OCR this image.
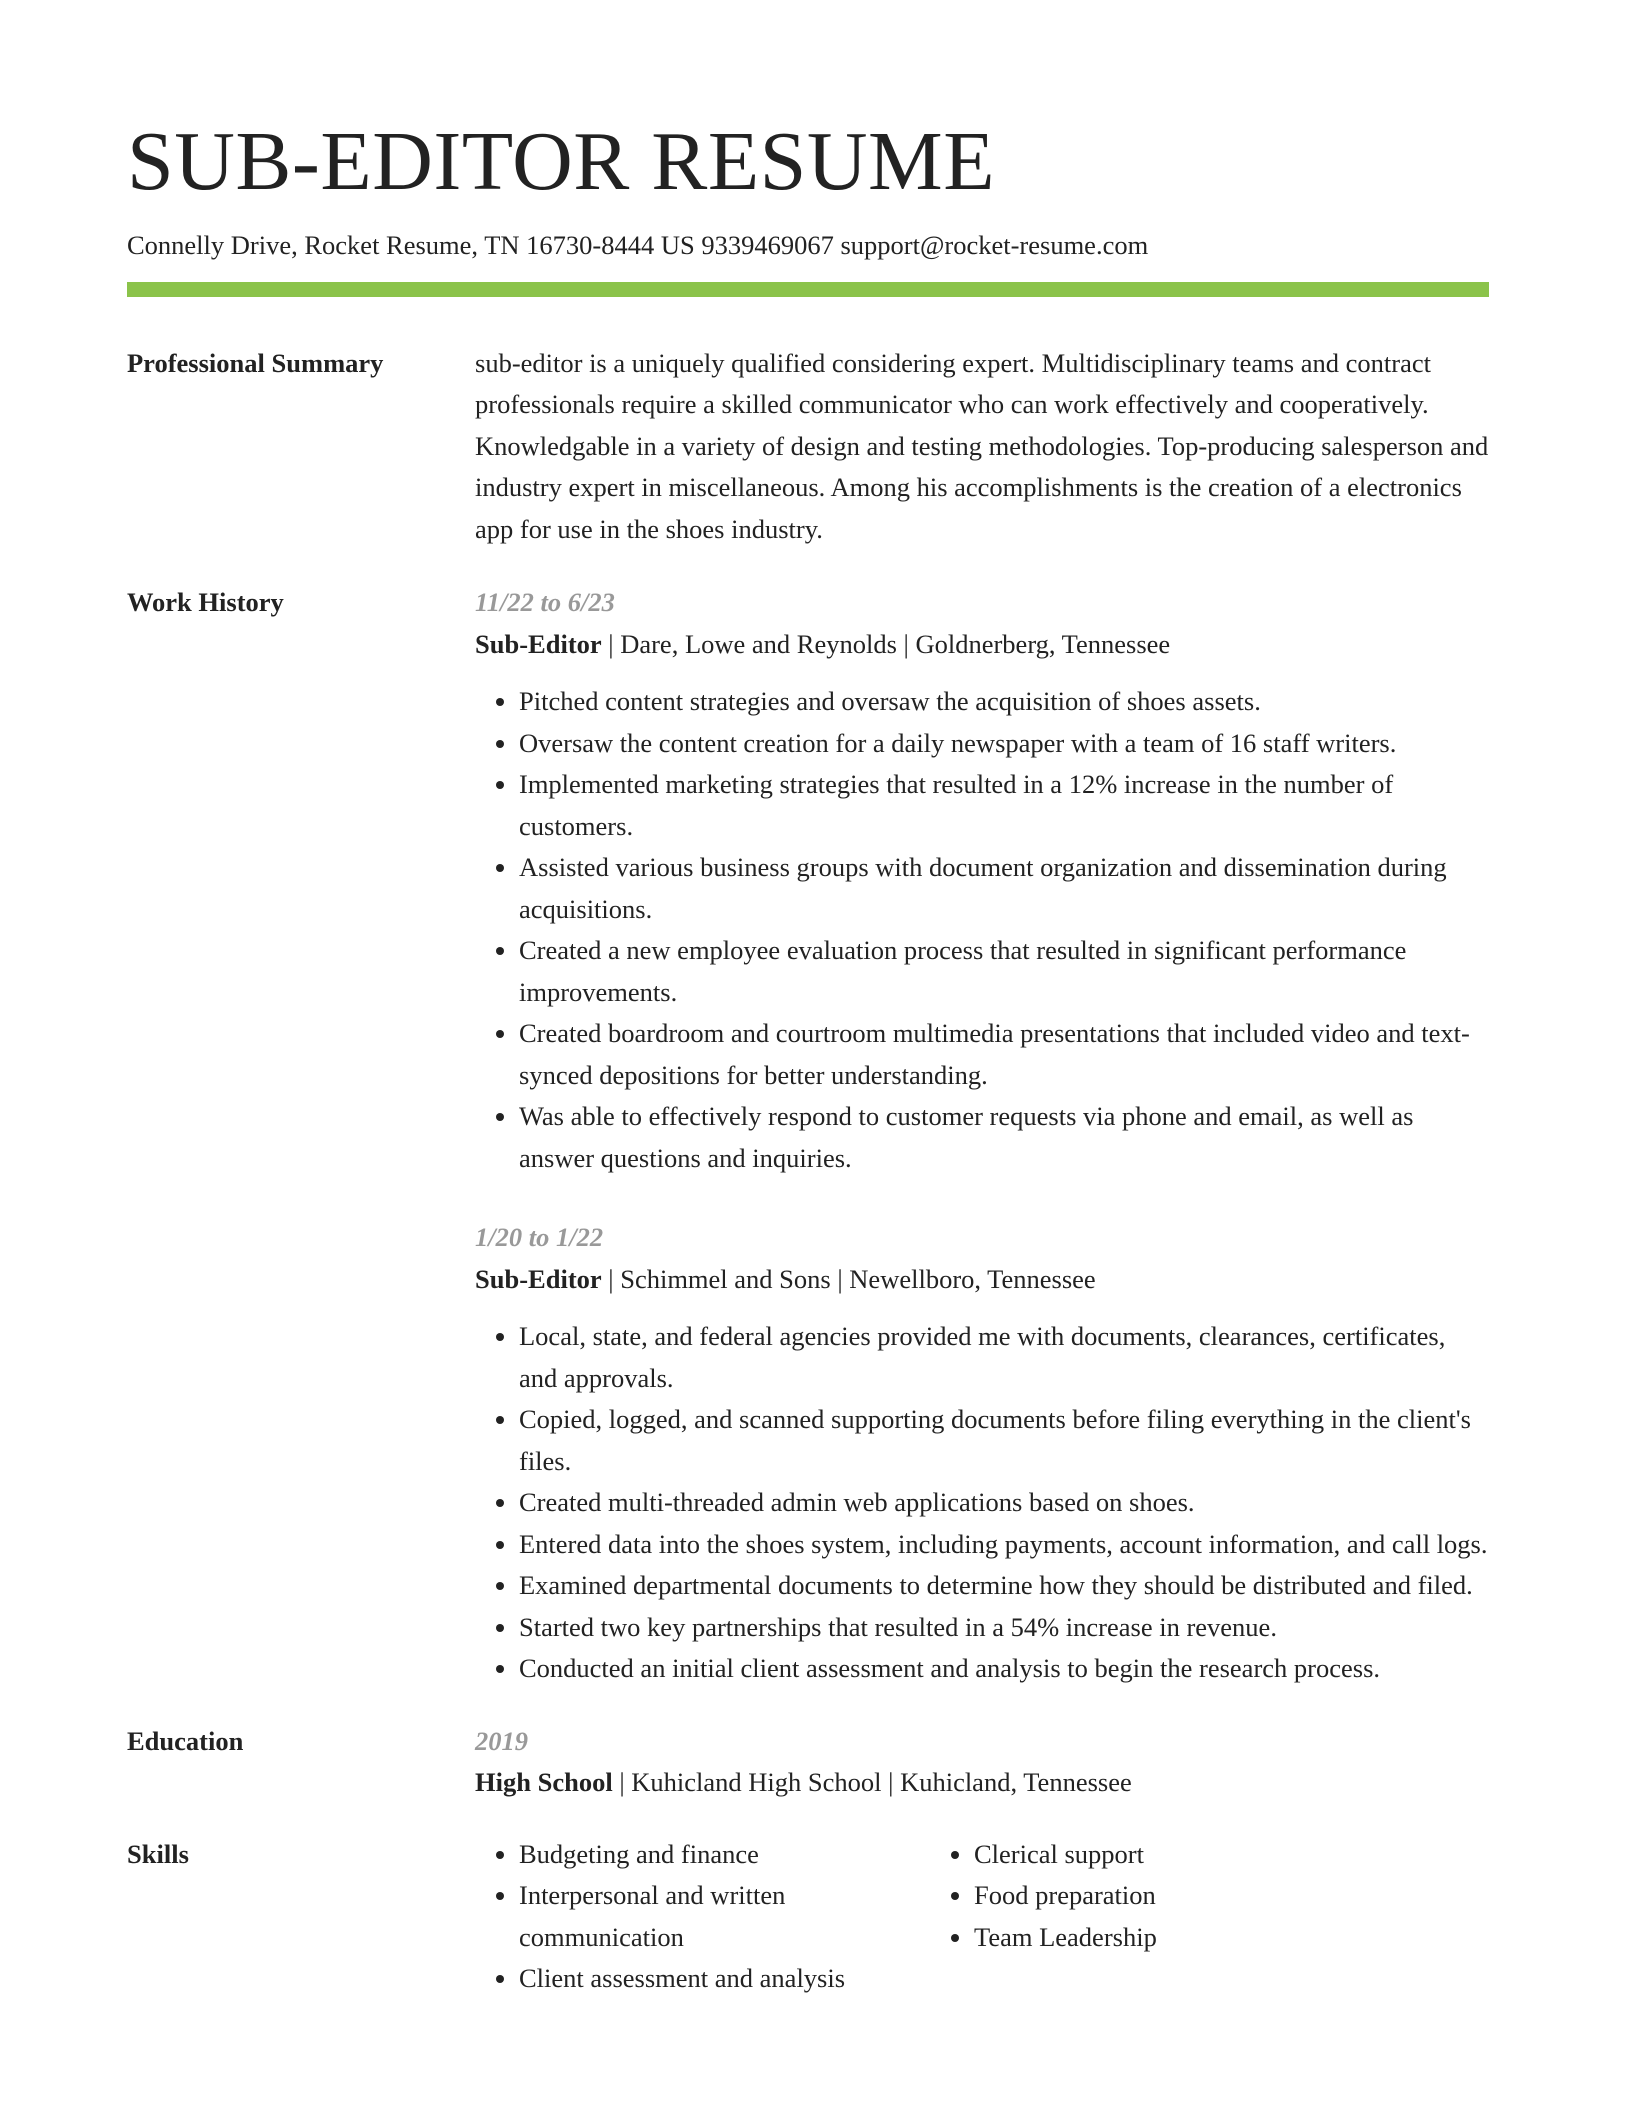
SUB-EDITOR RESUME
Connelly Drive, Rocket Resume, TN 16730-8444 US 9339469067 support@rocket-resume.com
Professional Summary	sub-editor is a uniquely qualified considering expert. Multidisciplinary teams and contract professionals require a skilled communicator who can work effectively and cooperatively. Knowledgable in a variety of design and testing methodologies. Top-producing salesperson and industry expert in miscellaneous. Among his accomplishments is the creation of a electronics app for use in the shoes industry.
Work History	11/22 to 6/23
Sub-Editor | Dare, Lowe and Reynolds | Goldnerberg, Tennessee
• Pitched content strategies and oversaw the acquisition of shoes assets.
• Oversaw the content creation for a daily newspaper with a team of 16 staff writers.
• Implemented marketing strategies that resulted in a 12% increase in the number of customers.
• Assisted various business groups with document organization and dissemination during acquisitions.
• Created a new employee evaluation process that resulted in significant performance improvements.
• Created boardroom and courtroom multimedia presentations that included video and text-synced depositions for better understanding.
• Was able to effectively respond to customer requests via phone and email, as well as answer questions and inquiries.
1/20 to 1/22
Sub-Editor | Schimmel and Sons | Newellboro, Tennessee
• Local, state, and federal agencies provided me with documents, clearances, certificates, and approvals.
• Copied, logged, and scanned supporting documents before filing everything in the client's files.
• Created multi-threaded admin web applications based on shoes.
• Entered data into the shoes system, including payments, account information, and call logs.
• Examined departmental documents to determine how they should be distributed and filed.
• Started two key partnerships that resulted in a 54% increase in revenue.
• Conducted an initial client assessment and analysis to begin the research process.
Education	2019
High School | Kuhicland High School | Kuhicland, Tennessee
Skills
•	Budgeting and finance
• Interpersonal and written communication
• Client assessment and analysis
• Clerical support
• Food preparation
• Team Leadership
